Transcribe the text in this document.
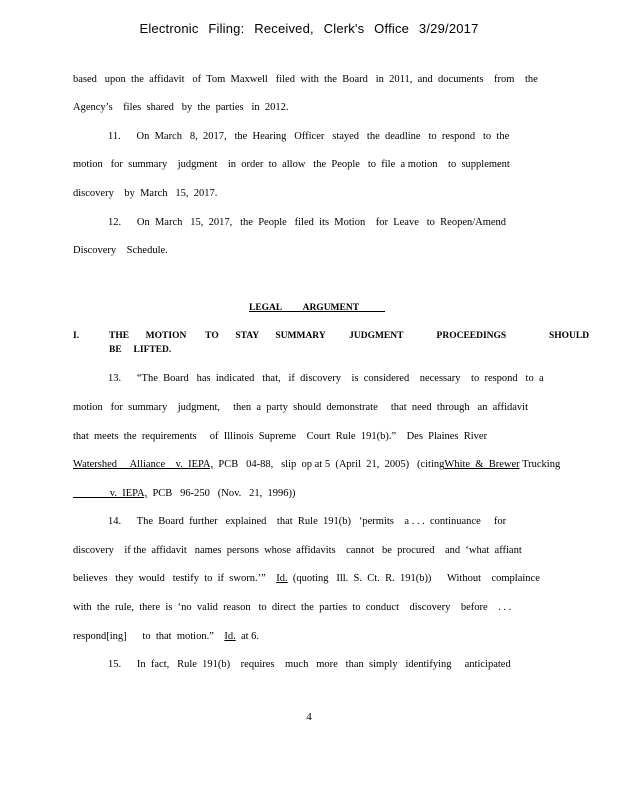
Electronic Filing: Received, Clerk's Office 3/29/2017
based   upon  the  affidavit   of  Tom  Maxwell   filed  with  the  Board   in  2011,  and  documents    from    the
Agency’s    files  shared   by  the  parties   in  2012.
11.      On  March   8,  2017,   the  Hearing   Officer   stayed   the  deadline   to  respond   to  the
motion   for  summary    judgment    in  order  to  allow   the  People   to  file  a motion    to  supplement
discovery    by  March   15,  2017.
12.      On  March   15,  2017,   the  People   filed  its  Motion    for  Leave   to  Reopen/Amend
Discovery    Schedule.
LEGAL         ARGUMENT
I.	THE       MOTION        TO       STAY       SUMMARY          JUDGMENT              PROCEEDINGS                  SHOULD
BE     LIFTED.
13.      “The  Board   has  indicated   that,   if  discovery    is  considered    necessary    to  respond   to  a
motion   for  summary    judgment,     then  a  party  should  demonstrate     that  need  through   an  affidavit
that  meets  the  requirements     of  Illinois  Supreme    Court  Rule  191(b).”    Des  Plaines  River
Watershed     Alliance    v.  IEPA,  PCB   04-88,   slip  op at 5  (April  21,  2005)   (citingWhite  &  Brewer Trucking
v.  IEPA,  PCB   96-250   (Nov.   21,  1996))
14.      The  Board  further   explained    that  Rule  191(b)   ‘permits    a . . .  continuance     for
discovery    if the  affidavit   names  persons  whose  affidavits    cannot   be  procured    and  ‘what  affiant
believes   they  would   testify  to  if  sworn.’”    Id.  (quoting   Ill.  S.  Ct.  R.  191(b))      Without    complaince
with  the  rule,  there  is  ‘no  valid  reason   to  direct  the  parties  to  conduct    discovery    before    . . .
respond[ing]      to  that  motion.”    Id.  at 6.
15.      In  fact,   Rule  191(b)    requires    much   more   than  simply   identifying     anticipated
4
